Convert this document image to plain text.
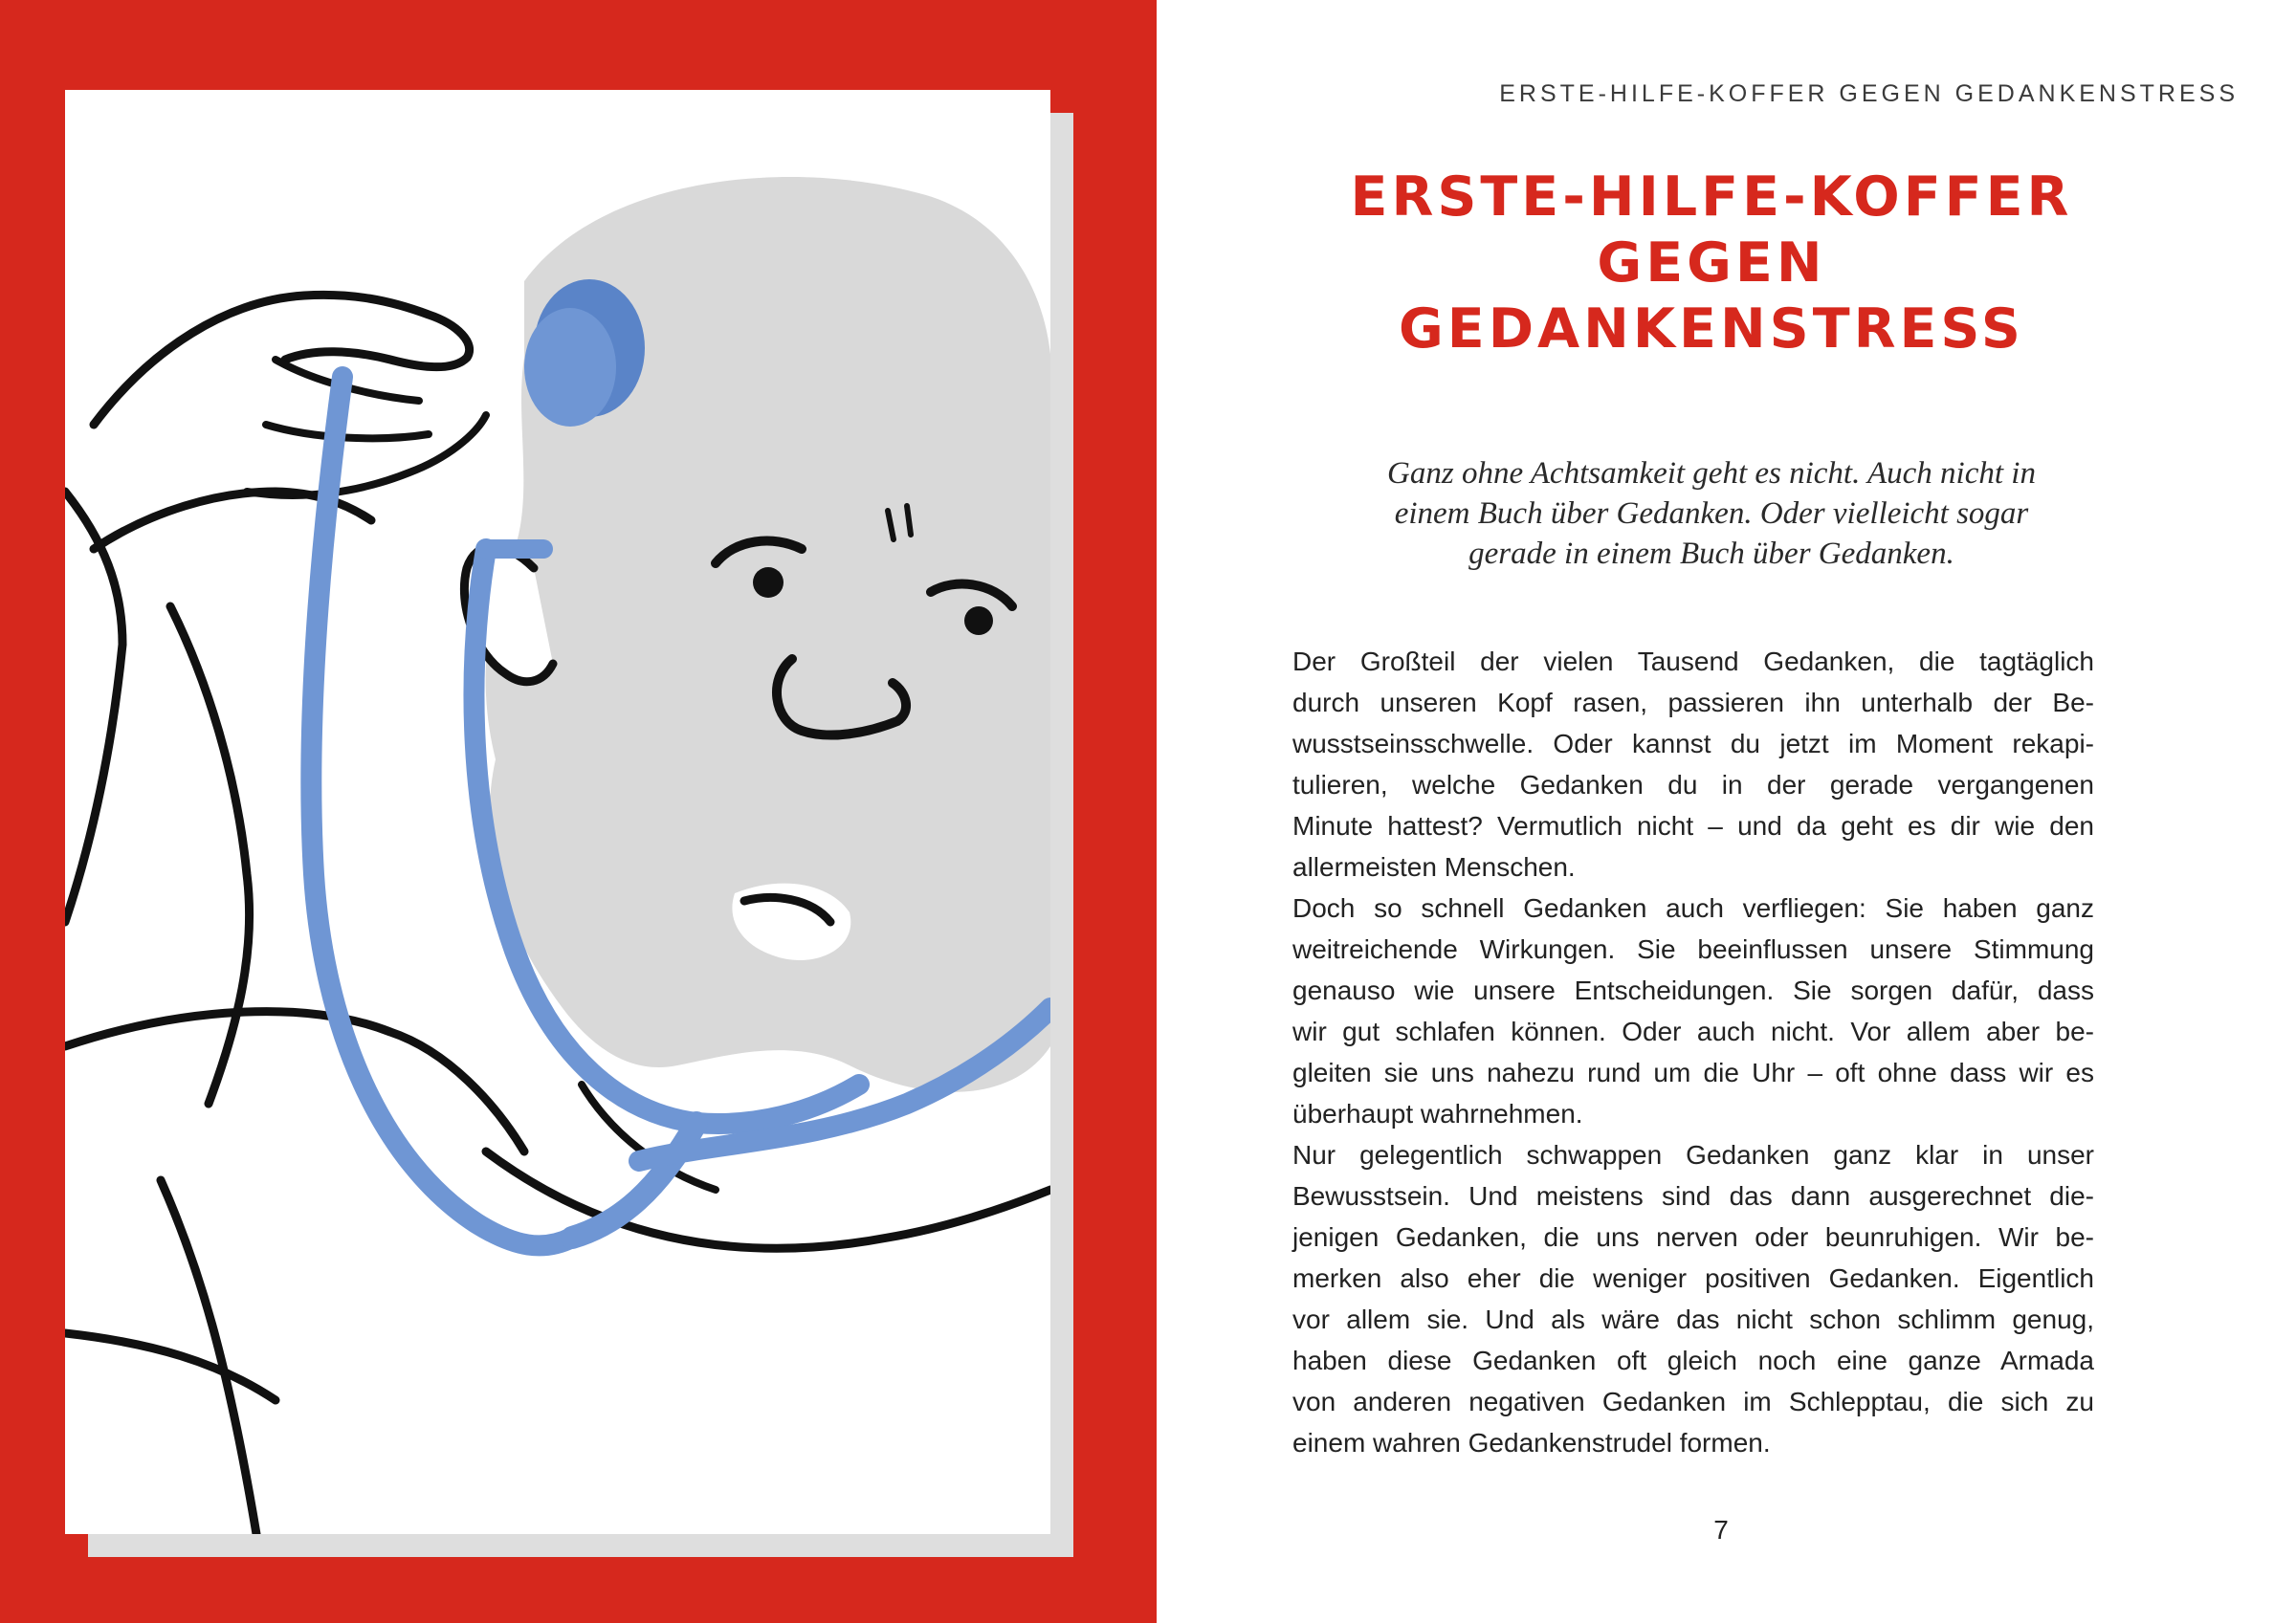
ERSTE-HILFE-KOFFER GEGEN GEDANKENSTRESS
ERSTE-HILFE-KOFFER
GEGEN
GEDANKENSTRESS
Ganz ohne Achtsamkeit geht es nicht. Auch nicht in
einem Buch über Gedanken. Oder vielleicht sogar
gerade in einem Buch über Gedanken.
Der Großteil der vielen Tausend Gedanken, die tagtäglich
durch unseren Kopf rasen, passieren ihn unterhalb der Be-
wusstseinsschwelle. Oder kannst du jetzt im Moment rekapi-
tulieren, welche Gedanken du in der gerade vergangenen
Minute hattest? Vermutlich nicht – und da geht es dir wie den
allermeisten Menschen.
Doch so schnell Gedanken auch verfliegen: Sie haben ganz
weitreichende Wirkungen. Sie beeinflussen unsere Stimmung
genauso wie unsere Entscheidungen. Sie sorgen dafür, dass
wir gut schlafen können. Oder auch nicht. Vor allem aber be-
gleiten sie uns nahezu rund um die Uhr – oft ohne dass wir es
überhaupt wahrnehmen.
Nur gelegentlich schwappen Gedanken ganz klar in unser
Bewusstsein. Und meistens sind das dann ausgerechnet die-
jenigen Gedanken, die uns nerven oder beunruhigen. Wir be-
merken also eher die weniger positiven Gedanken. Eigentlich
vor allem sie. Und als wäre das nicht schon schlimm genug,
haben diese Gedanken oft gleich noch eine ganze Armada
von anderen negativen Gedanken im Schlepptau, die sich zu
einem wahren Gedankenstrudel formen.
7
